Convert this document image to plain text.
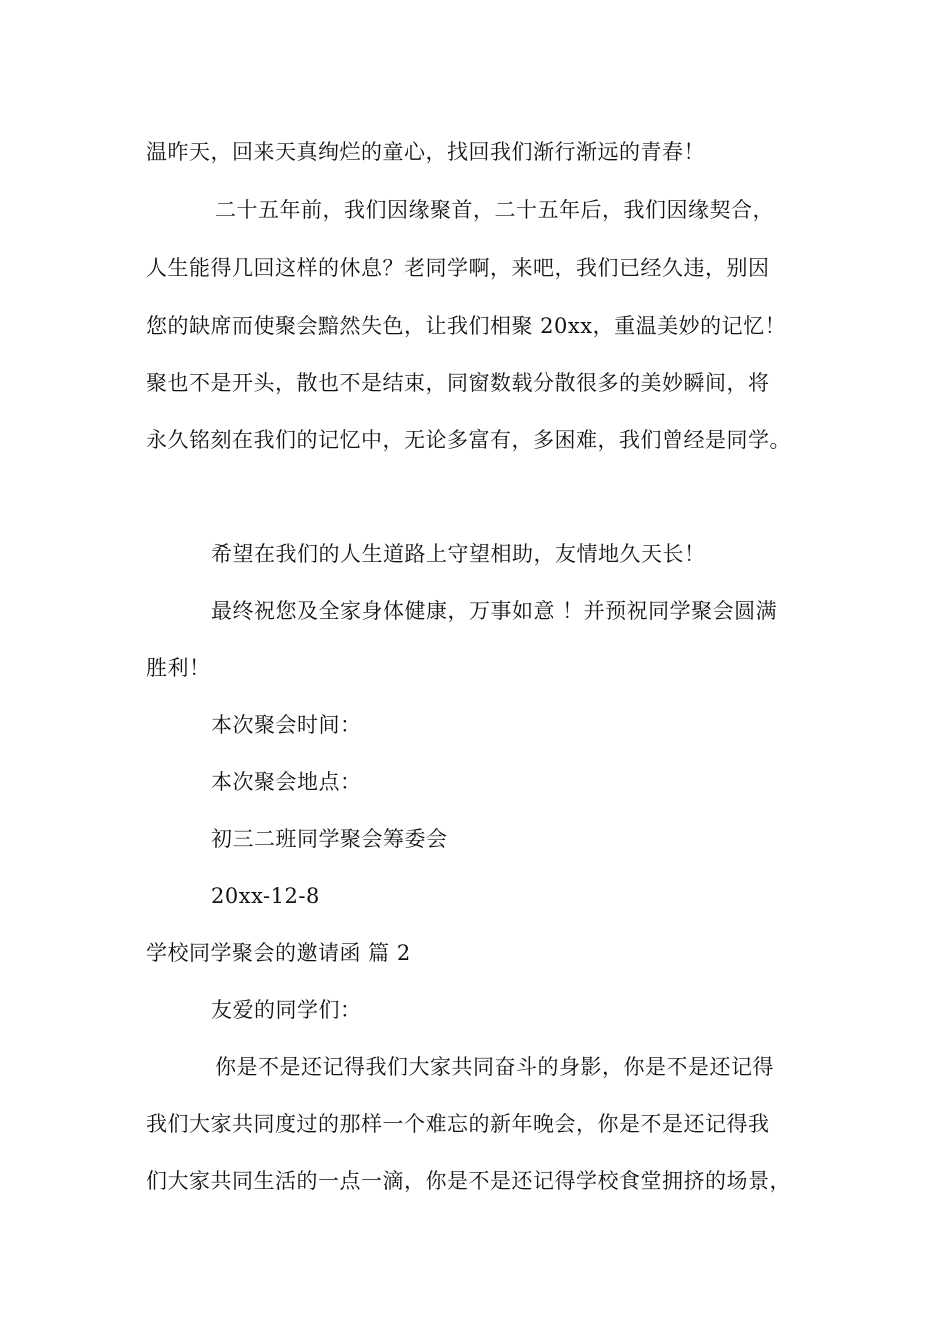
温昨天，回来天真绚烂的童心，找回我们渐行渐远的青春！
二十五年前，我们因缘聚首，二十五年后，我们因缘契合，
人生能得几回这样的休息？老同学啊，来吧，我们已经久违，别因
您的缺席而使聚会黯然失色，让我们相聚 20xx，重温美妙的记忆！
聚也不是开头，散也不是结束，同窗数载分散很多的美妙瞬间，将
永久铭刻在我们的记忆中，无论多富有，多困难，我们曾经是同学。
希望在我们的人生道路上守望相助，友情地久天长！
最终祝您及全家身体健康，万事如意 ！并预祝同学聚会圆满
胜利！
本次聚会时间：
本次聚会地点：
初三二班同学聚会筹委会
20xx-12-8
学校同学聚会的邀请函 篇 2
友爱的同学们：
你是不是还记得我们大家共同奋斗的身影，你是不是还记得
我们大家共同度过的那样一个难忘的新年晚会，你是不是还记得我
们大家共同生活的一点一滴，你是不是还记得学校食堂拥挤的场景，
